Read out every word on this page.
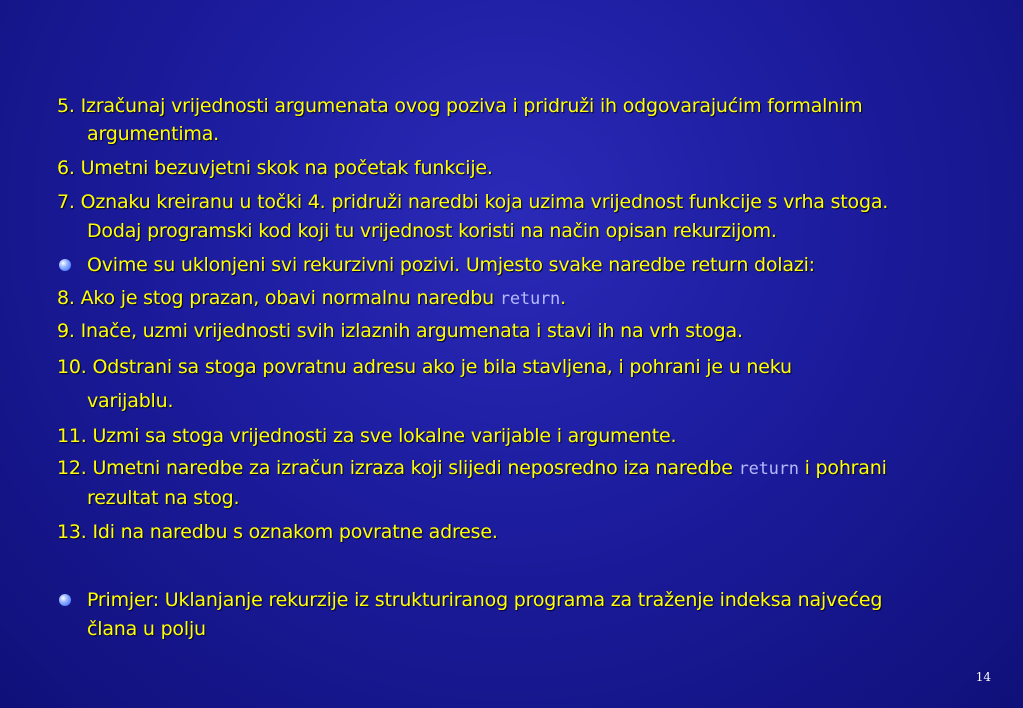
5. Izračunaj vrijednosti argumenata ovog poziva i pridruži ih odgovarajućim formalnim
argumentima.
6. Umetni bezuvjetni skok na početak funkcije.
7. Oznaku kreiranu u točki 4. pridruži naredbi koja uzima vrijednost funkcije s vrha stoga.
Dodaj programski kod koji tu vrijednost koristi na način opisan rekurzijom.
Ovime su uklonjeni svi rekurzivni pozivi. Umjesto svake naredbe return dolazi:
8. Ako je stog prazan, obavi normalnu naredbu return.
9. Inače, uzmi vrijednosti svih izlaznih argumenata i stavi ih na vrh stoga.
10. Odstrani sa stoga povratnu adresu ako je bila stavljena, i pohrani je u neku
varijablu.
11. Uzmi sa stoga vrijednosti za sve lokalne varijable i argumente.
12. Umetni naredbe za izračun izraza koji slijedi neposredno iza naredbe return i pohrani
rezultat na stog.
13. Idi na naredbu s oznakom povratne adrese.
Primjer: Uklanjanje rekurzije iz strukturiranog programa za traženje indeksa najvećeg
člana u polju
14
